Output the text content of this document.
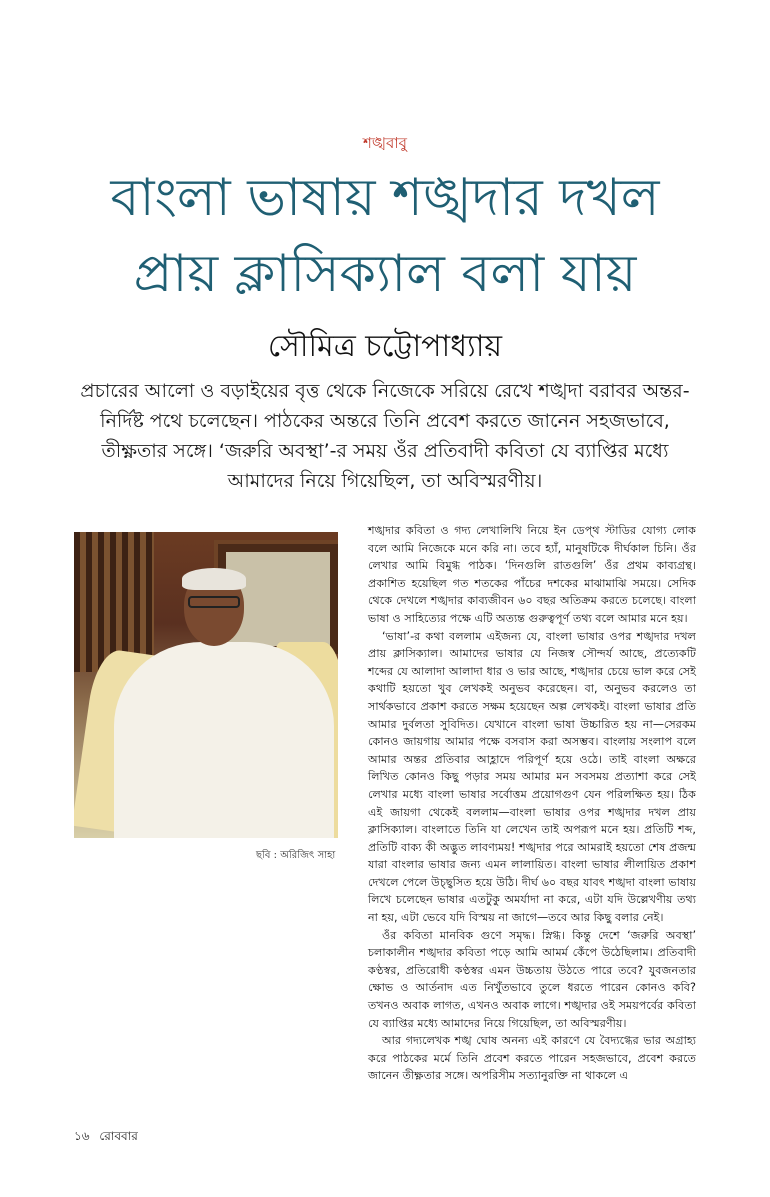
শঙ্খবাবু
বাংলা ভাষায় শঙ্খদার দখল
প্রায় ক্লাসিক্যাল বলা যায়
সৌমিত্র চট্টোপাধ্যায়

প্রচারের আলো ও বড়াইয়ের বৃত্ত থেকে নিজেকে সরিয়ে রেখে শঙ্খদা বরাবর অন্তর-নির্দিষ্ট পথে চলেছেন। পাঠকের অন্তরে তিনি প্রবেশ করতে জানেন সহজভাবে, তীক্ষ্ণতার সঙ্গে। ‘জরুরি অবস্থা’-র সময় ওঁর প্রতিবাদী কবিতা যে ব্যাপ্তির মধ্যে আমাদের নিয়ে গিয়েছিল, তা অবিস্মরণীয়।

ছবি : অরিজিৎ সাহা

শঙ্খদার কবিতা ও গদ্য লেখালিখি নিয়ে ইন ডেপ্থ স্টাডির যোগ্য লোক বলে আমি নিজেকে মনে করি না। তবে হ্যাঁ, মানুষটিকে দীর্ঘকাল চিনি। ওঁর লেখার আমি বিমুগ্ধ পাঠক। ‘দিনগুলি রাতগুলি’ ওঁর প্রথম কাব্যগ্রন্থ। প্রকাশিত হয়েছিল গত শতকের পাঁচের দশকের মাঝামাঝি সময়ে। সেদিক থেকে দেখলে শঙ্খদার কাব্যজীবন ৬০ বছর অতিক্রম করতে চলেছে। বাংলা ভাষা ও সাহিত্যের পক্ষে এটি অত্যন্ত গুরুত্বপূর্ণ তথ্য বলে আমার মনে হয়।

‘ভাষা’-র কথা বললাম এইজন্য যে, বাংলা ভাষার ওপর শঙ্খদার দখল প্রায় ক্লাসিক্যাল। আমাদের ভাষার যে নিজস্ব সৌন্দর্য আছে, প্রত্যেকটি শব্দের যে আলাদা আলাদা ধার ও ভার আছে, শঙ্খদার চেয়ে ভাল করে সেই কথাটি হয়তো খুব লেখকই অনুভব করেছেন। বা, অনুভব করলেও তা সার্থকভাবে প্রকাশ করতে সক্ষম হয়েছেন অল্প লেখকই। বাংলা ভাষার প্রতি আমার দুর্বলতা সুবিদিত। যেখানে বাংলা ভাষা উচ্চারিত হয় না—সেরকম কোনও জায়গায় আমার পক্ষে বসবাস করা অসম্ভব। বাংলায় সংলাপ বলে আমার অন্তর প্রতিবার আহ্লাদে পরিপূর্ণ হয়ে ওঠে। তাই বাংলা অক্ষরে লিখিত কোনও কিছু পড়ার সময় আমার মন সবসময় প্রত্যাশা করে সেই লেখার মধ্যে বাংলা ভাষার সর্বোত্তম প্রয়োগগুণ যেন পরিলক্ষিত হয়। ঠিক এই জায়গা থেকেই বললাম—বাংলা ভাষার ওপর শঙ্খদার দখল প্রায় ক্লাসিক্যাল। বাংলাতে তিনি যা লেখেন তাই অপরূপ মনে হয়। প্রতিটি শব্দ, প্রতিটি বাক্য কী অদ্ভুত লাবণ্যময়! শঙ্খদার পরে আমরাই হয়তো শেষ প্রজন্ম যারা বাংলার ভাষার জন্য এমন লালায়িত। বাংলা ভাষার লীলায়িত প্রকাশ দেখলে পেলে উচ্ছ্বসিত হয়ে উঠি। দীর্ঘ ৬০ বছর যাবৎ শঙ্খদা বাংলা ভাষায় লিখে চলেছেন ভাষার এতটুকু অমর্যাদা না করে, এটা যদি উল্লেখণীয় তথ্য না হয়, এটা ভেবে যদি বিস্ময় না জাগে—তবে আর কিছু বলার নেই।

ওঁর কবিতা মানবিক গুণে সমৃদ্ধ। স্নিগ্ধ। কিন্তু দেশে ‘জরুরি অবস্থা’ চলাকালীন শঙ্খদার কবিতা পড়ে আমি আমর্ম কেঁপে উঠেছিলাম। প্রতিবাদী কণ্ঠস্বর, প্রতিরোধী কণ্ঠস্বর এমন উচ্চতায় উঠতে পারে তবে? যুবজনতার ক্ষোভ ও আর্তনাদ এত নিখুঁতভাবে তুলে ধরতে পারেন কোনও কবি? তখনও অবাক লাগত, এখনও অবাক লাগে। শঙ্খদার ওই সময়পর্বের কবিতা যে ব্যাপ্তির মধ্যে আমাদের নিয়ে গিয়েছিল, তা অবিস্মরণীয়।

আর গদ্যলেখক শঙ্খ ঘোষ অনন্য এই কারণে যে বৈদ্যগ্ধের ভার অগ্রাহ্য করে পাঠকের মর্মে তিনি প্রবেশ করতে পারেন সহজভাবে, প্রবেশ করতে জানেন তীক্ষ্ণতার সঙ্গে। অপরিসীম সত্যানুরক্তি না থাকলে এ

১৬ রোববার
